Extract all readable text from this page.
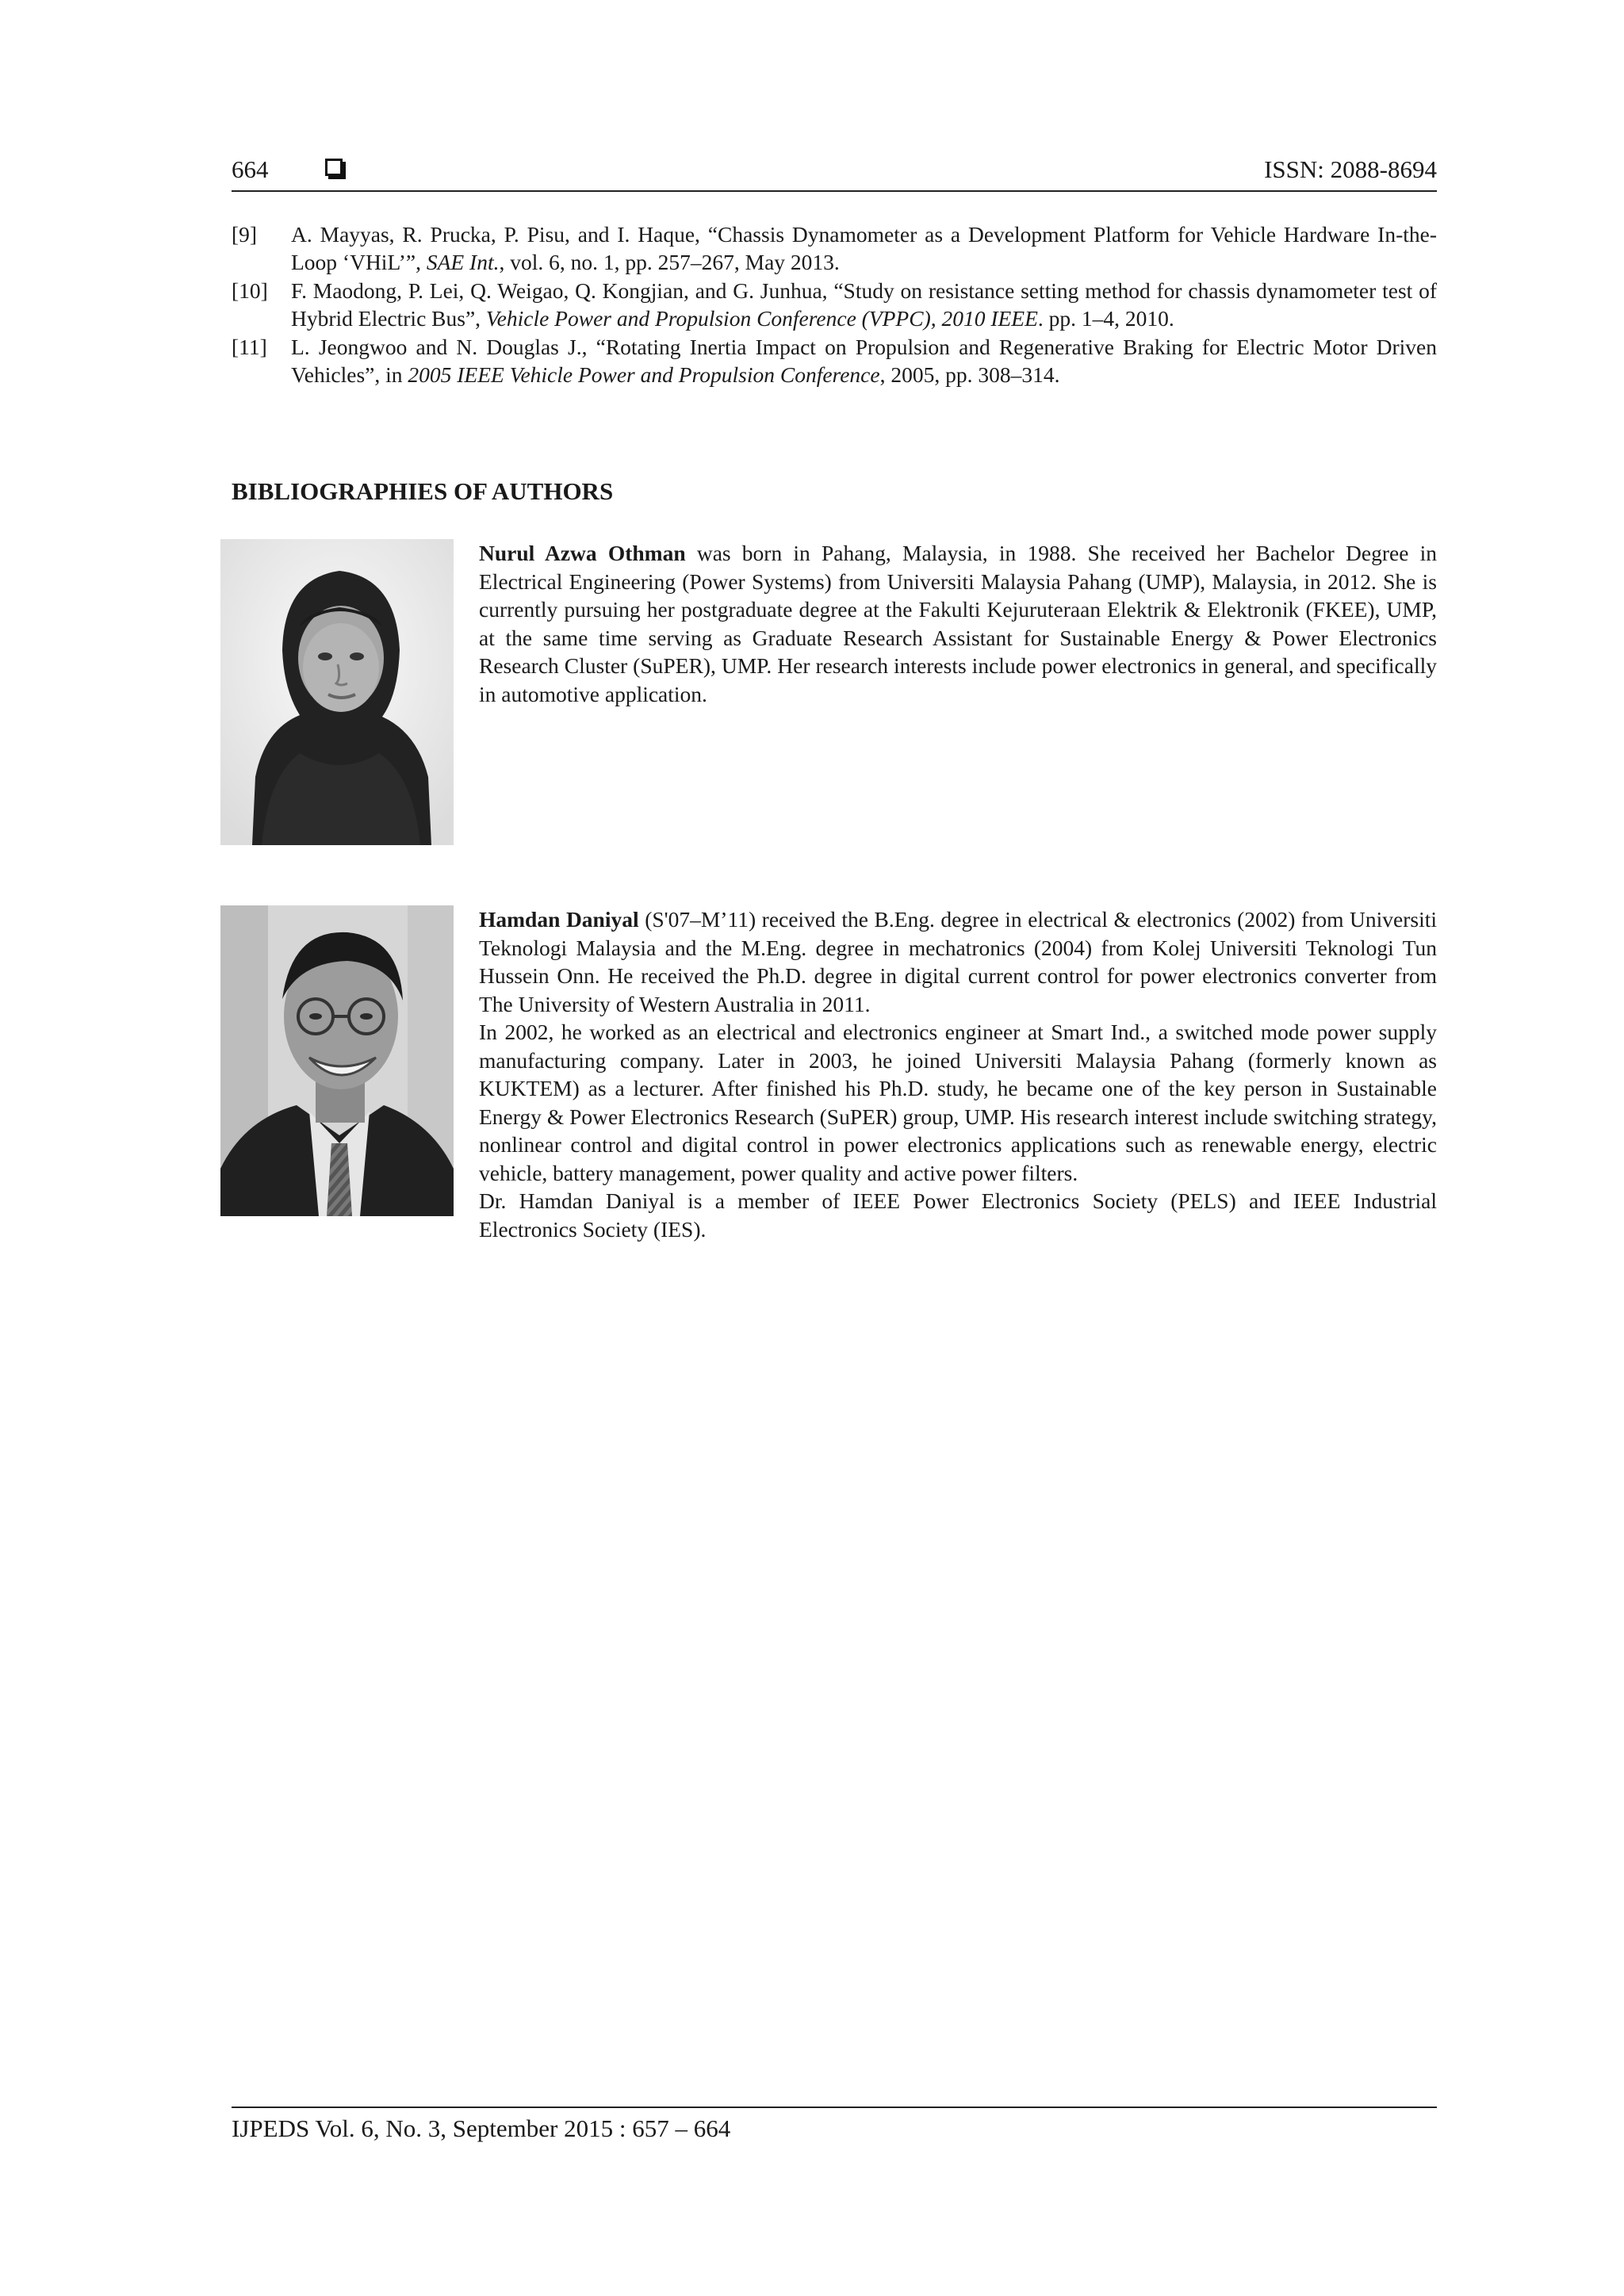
664	ISSN: 2088-8694
[9] A. Mayyas, R. Prucka, P. Pisu, and I. Haque, “Chassis Dynamometer as a Development Platform for Vehicle Hardware In-the-Loop ‘VHiL’”, SAE Int., vol. 6, no. 1, pp. 257–267, May 2013.
[10] F. Maodong, P. Lei, Q. Weigao, Q. Kongjian, and G. Junhua, “Study on resistance setting method for chassis dynamometer test of Hybrid Electric Bus”, Vehicle Power and Propulsion Conference (VPPC), 2010 IEEE. pp. 1–4, 2010.
[11] L. Jeongwoo and N. Douglas J., “Rotating Inertia Impact on Propulsion and Regenerative Braking for Electric Motor Driven Vehicles”, in 2005 IEEE Vehicle Power and Propulsion Conference, 2005, pp. 308–314.
BIBLIOGRAPHIES OF AUTHORS

Nurul Azwa Othman was born in Pahang, Malaysia, in 1988. She received her Bachelor Degree in Electrical Engineering (Power Systems) from Universiti Malaysia Pahang (UMP), Malaysia, in 2012. She is currently pursuing her postgraduate degree at the Fakulti Kejuruteraan Elektrik & Elektronik (FKEE), UMP, at the same time serving as Graduate Research Assistant for Sustainable Energy & Power Electronics Research Cluster (SuPER), UMP. Her research interests include power electronics in general, and specifically in automotive application.

Hamdan Daniyal (S'07–M’11) received the B.Eng. degree in electrical & electronics (2002) from Universiti Teknologi Malaysia and the M.Eng. degree in mechatronics (2004) from Kolej Universiti Teknologi Tun Hussein Onn. He received the Ph.D. degree in digital current control for power electronics converter from The University of Western Australia in 2011.

In 2002, he worked as an electrical and electronics engineer at Smart Ind., a switched mode power supply manufacturing company. Later in 2003, he joined Universiti Malaysia Pahang (formerly known as KUKTEM) as a lecturer. After finished his Ph.D. study, he became one of the key person in Sustainable Energy & Power Electronics Research (SuPER) group, UMP. His research interest include switching strategy, nonlinear control and digital control in power electronics applications such as renewable energy, electric vehicle, battery management, power quality and active power filters.

Dr. Hamdan Daniyal is a member of IEEE Power Electronics Society (PELS) and IEEE Industrial Electronics Society (IES).

IJPEDS Vol. 6, No. 3, September 2015 : 657 – 664
